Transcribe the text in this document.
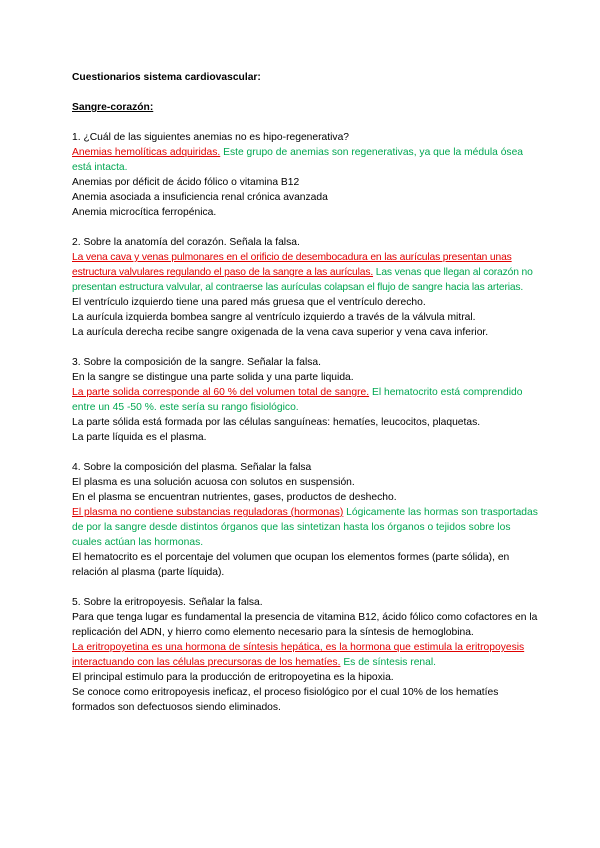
Cuestionarios sistema cardiovascular:

Sangre-corazón:

1. ¿Cuál de las siguientes anemias no es hipo-regenerativa?

Anemias hemolíticas adquiridas. Este grupo de anemias son regenerativas, ya que la médula ósea está intacta.

Anemias por déficit de ácido fólico o vitamina B12

Anemia asociada a insuficiencia renal crónica avanzada

Anemia microcítica ferropénica.

2. Sobre la anatomía del corazón. Señala la falsa.

La vena cava y venas pulmonares en el orificio de desembocadura en las aurículas presentan unas estructura valvulares regulando el paso de la sangre a las aurículas. Las venas que llegan al corazón no presentan estructura valvular, al contraerse las aurículas colapsan el flujo de sangre hacia las arterias.

El ventrículo izquierdo tiene una pared más gruesa que el ventrículo derecho.

La aurícula izquierda bombea sangre al ventrículo izquierdo a través de la válvula mitral.

La aurícula derecha recibe sangre oxigenada de la vena cava superior y vena cava inferior.

3. Sobre la composición de la sangre. Señalar la falsa.

En la sangre se distingue una parte solida y una parte liquida.

La parte solida corresponde al 60 % del volumen total de sangre. El hematocrito está comprendido entre un 45 -50 %. este sería su rango fisiológico.

La parte sólida está formada por las células sanguíneas: hematíes, leucocitos, plaquetas.

La parte líquida es el plasma.

4. Sobre la composición del plasma. Señalar la falsa

El plasma es una solución acuosa con solutos en suspensión.

En el plasma se encuentran nutrientes, gases, productos de deshecho.

El plasma no contiene substancias reguladoras (hormonas) Lógicamente las hormas son trasportadas de por la sangre desde distintos órganos que las sintetizan hasta los órganos o tejidos sobre los cuales actúan las hormonas.

El hematocrito es el porcentaje del volumen que ocupan los elementos formes (parte sólida), en relación al plasma (parte líquida).

5. Sobre la eritropoyesis. Señalar la falsa.

Para que tenga lugar es fundamental la presencia de vitamina B12, ácido fólico como cofactores en la replicación del ADN, y hierro como elemento necesario para la síntesis de hemoglobina.

La eritropoyetina es una hormona de síntesis hepática, es la hormona que estimula la eritropoyesis interactuando con las células precursoras de los hematíes. Es de síntesis renal.

El principal estimulo para la producción de eritropoyetina es la hipoxia.

Se conoce como eritropoyesis ineficaz, el proceso fisiológico por el cual 10% de los hematíes formados son defectuosos siendo eliminados.
